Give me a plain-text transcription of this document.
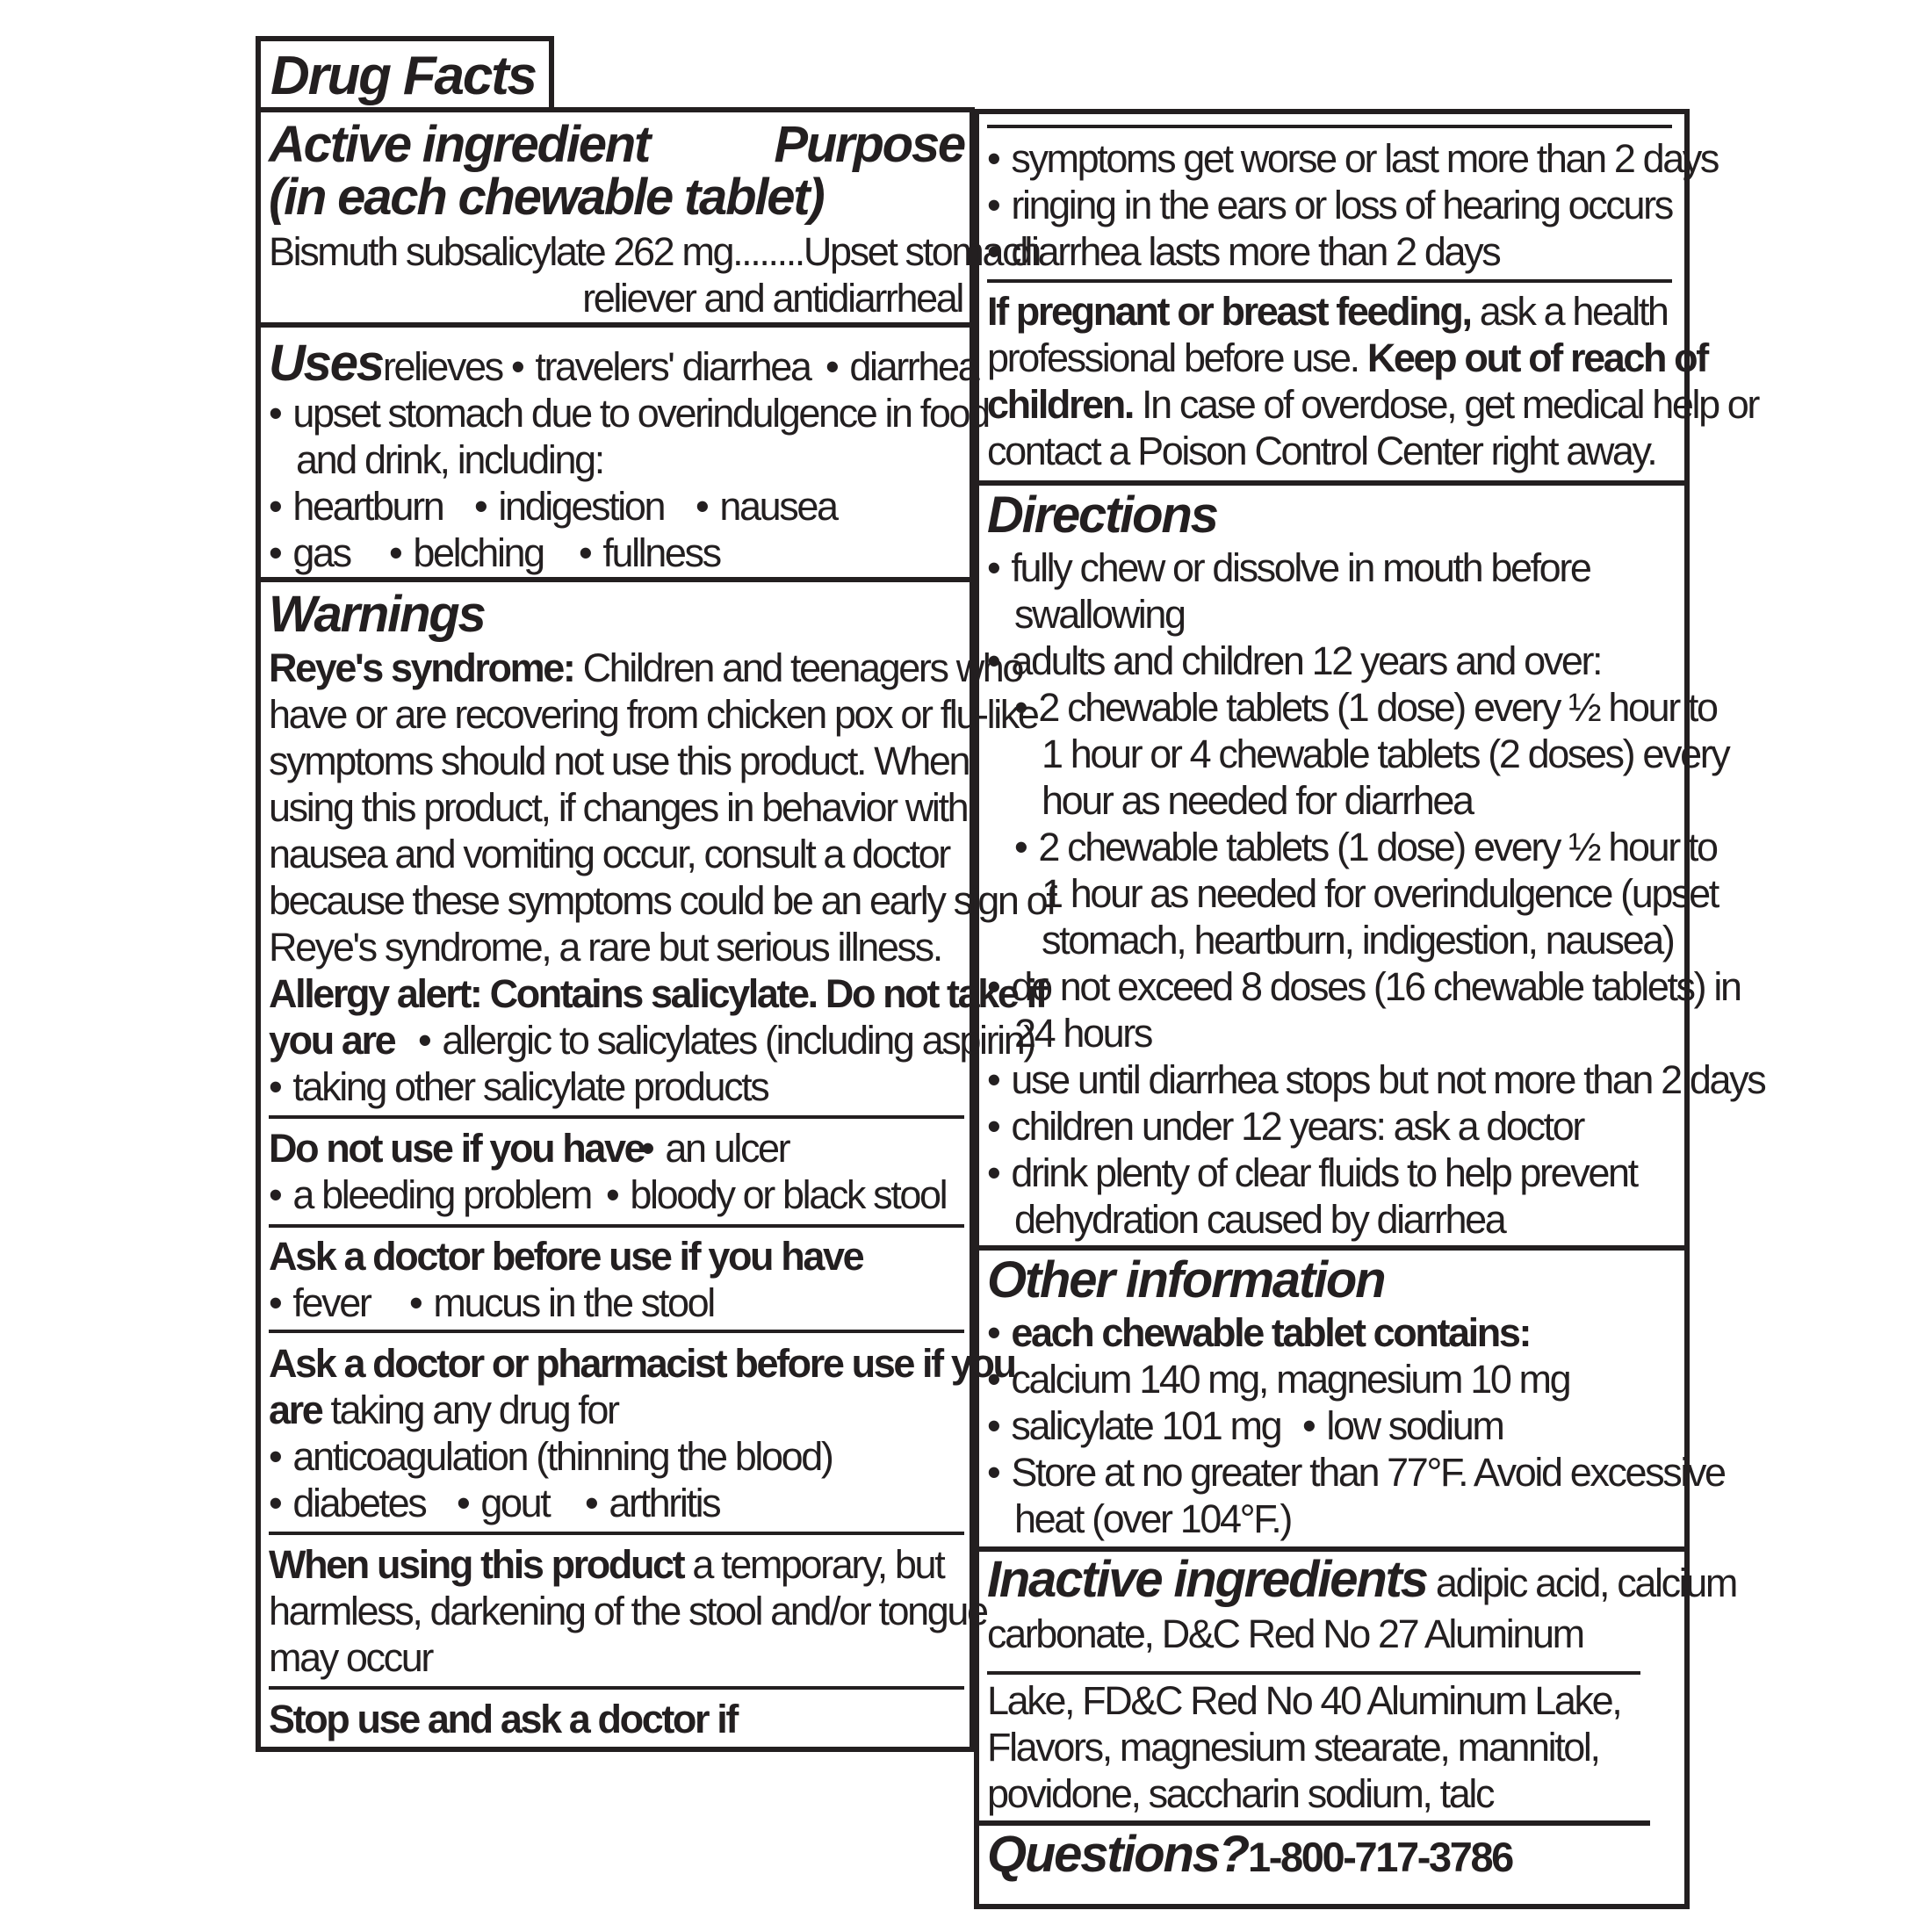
Drug Facts
Active ingredient Purpose
(in each chewable tablet)
Bismuth subsalicylate 262 mg........Upset stomach
reliever and antidiarrheal
Usesrelieves • travelers' diarrhea • diarrhea
• upset stomach due to overindulgence in food
and drink, including:
• heartburn	• indigestion	• nausea
• gas	• belching	• fullness
Warnings
Reye's syndrome: Children and teenagers who
have or are recovering from chicken pox or flu-like
symptoms should not use this product. When
using this product, if changes in behavior with
nausea and vomiting occur, consult a doctor
because these symptoms could be an early sign of
Reye's syndrome, a rare but serious illness.
Allergy alert: Contains salicylate. Do not take if
you are	• allergic to salicylates (including aspirin)
• taking other salicylate products
Do not use if you have • an ulcer
• a bleeding problem • bloody or black stool
Ask a doctor before use if you have
• fever	• mucus in the stool
Ask a doctor or pharmacist before use if you
are taking any drug for
• anticoagulation (thinning the blood)
• diabetes	• gout	• arthritis
When using this product a temporary, but
harmless, darkening of the stool and/or tongue
may occur
Stop use and ask a doctor if
• symptoms get worse or last more than 2 days
• ringing in the ears or loss of hearing occurs
• diarrhea lasts more than 2 days
If pregnant or breast feeding, ask a health
professional before use. Keep out of reach of
children. In case of overdose, get medical help or
contact a Poison Control Center right away.
Directions
• fully chew or dissolve in mouth before
swallowing
• adults and children 12 years and over:
• 2 chewable tablets (1 dose) every ½ hour to
1 hour or 4 chewable tablets (2 doses) every
hour as needed for diarrhea
• 2 chewable tablets (1 dose) every ½ hour to
1 hour as needed for overindulgence (upset
stomach, heartburn, indigestion, nausea)
• do not exceed 8 doses (16 chewable tablets) in
24 hours
• use until diarrhea stops but not more than 2 days
• children under 12 years: ask a doctor
• drink plenty of clear fluids to help prevent
dehydration caused by diarrhea
Other information
• each chewable tablet contains:
• calcium 140 mg, magnesium 10 mg
• salicylate 101 mg	• low sodium
• Store at no greater than 77°F. Avoid excessive
heat (over 104°F.)
Inactive ingredients adipic acid, calcium
carbonate, D&C Red No 27 Aluminum
Lake, FD&C Red No 40 Aluminum Lake,
Flavors, magnesium stearate, mannitol,
povidone, saccharin sodium, talc
Questions?1-800-717-3786
